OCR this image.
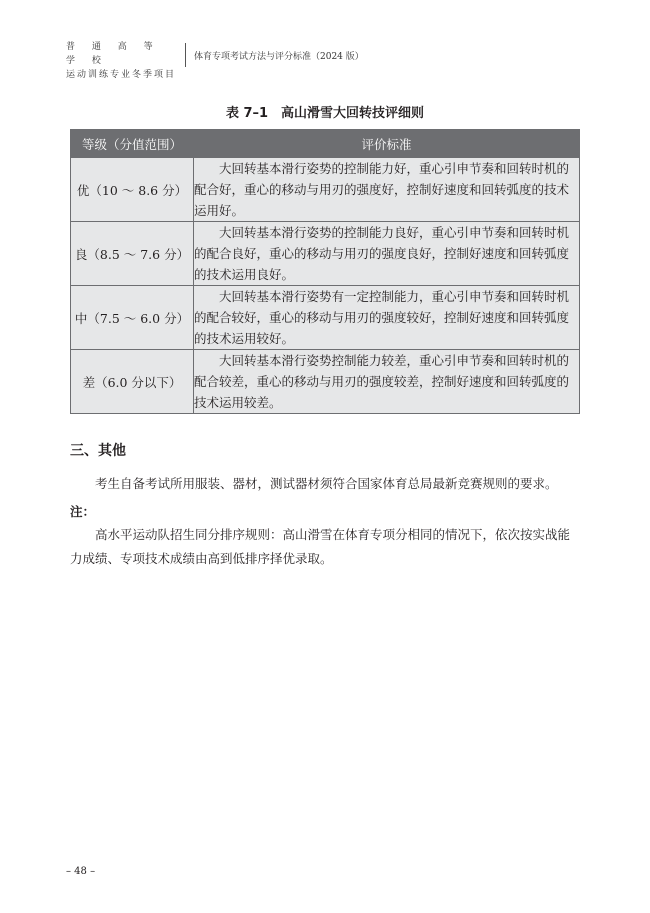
普 通 高 等 学 校
运动训练专业冬季项目
体育专项考试方法与评分标准（2024 版）
表 7–1　高山滑雪大回转技评细则
等级（分值范围）	评价标准
优（10 ～ 8.6 分）	大回转基本滑行姿势的控制能力好，重心引申节奏和回转时机的配合好，重心的移动与用刃的强度好，控制好速度和回转弧度的技术运用好。
良（8.5 ～ 7.6 分）	大回转基本滑行姿势的控制能力良好，重心引申节奏和回转时机的配合良好，重心的移动与用刃的强度良好，控制好速度和回转弧度的技术运用良好。
中（7.5 ～ 6.0 分）	大回转基本滑行姿势有一定控制能力，重心引申节奏和回转时机的配合较好，重心的移动与用刃的强度较好，控制好速度和回转弧度的技术运用较好。
差（6.0 分以下）	大回转基本滑行姿势控制能力较差，重心引申节奏和回转时机的配合较差，重心的移动与用刃的强度较差，控制好速度和回转弧度的技术运用较差。
三、其他
考生自备考试所用服装、器材，测试器材须符合国家体育总局最新竞赛规则的要求。
注：
高水平运动队招生同分排序规则：高山滑雪在体育专项分相同的情况下，依次按实战能力成绩、专项技术成绩由高到低排序择优录取。
– 48 –
